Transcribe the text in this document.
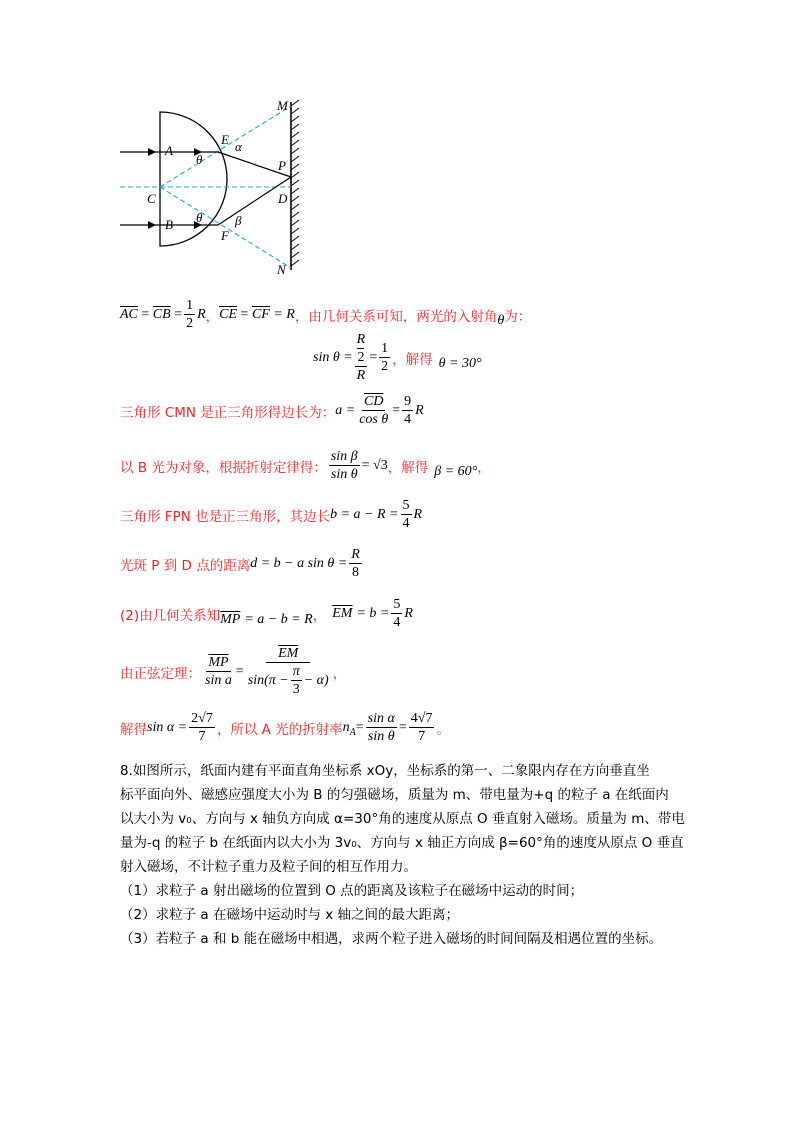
M
E α
A
θ	P
C	D
B θ	β
F
N
$\overline{AC} = \overline{CB} = \frac{1}{2}$ R ， $\overline{CE} = \overline{CF}$
= R ，由几何关系可知，两光的入射角 θ 为：
sin θ = R
2
$R = \frac{1}{2}$ ，解得 θ = 30°
三角形 CMN 是正三角形得边长为： $a = \frac{\overline{CD}}{\text{cos θ}} = \frac{9}{4}$ R
以 B 光为对象，根据折射定律得： $\frac{\text{sin β}}{\text{sin θ}} = √3$ ，解得 β = 60° ，
三角形 FPN 也是正三角形，其边长 $b = a - R = \frac{5}{4}$ R
光斑 P 到 D 点的距离 d = b − a $\sin \theta = \frac{R}{8}$
(2)由几何关系知 $\overline{MP} = a - b = R$ ， $\overline{EM} = b = \frac{5}{4}$ R
由正弦定理： $\frac{\overline{MP}}{\text{sin a}} = \frac{\overline{EM}}{\sin(\pi - \frac{\pi}{3} - \alpha)}$ ，
解得 $\sin \alpha = \frac{2√7}{7}$ ，所以 A 光的折射率 n $A = \frac{\text{sin α}}{\text{sin θ}} = \frac{4√7}{7}$ 。
8.如图所示，纸面内建有平面直角坐标系 xOy，坐标系的第一、二象限内存在方向垂直坐
标平面向外、磁感应强度大小为 B 的匀强磁场，质量为 m、带电量为+q 的粒子 a 在纸面内
以大小为 v₀、方向与 x 轴负方向成 α=30°角的速度从原点 O 垂直射入磁场。质量为 m、带电
量为-q 的粒子 b 在纸面内以大小为 3v₀、方向与 x 轴正方向成 β=60°角的速度从原点 O 垂直
射入磁场，不计粒子重力及粒子间的相互作用力。
（1）求粒子 a 射出磁场的位置到 O 点的距离及该粒子在磁场中运动的时间；
（2）求粒子 a 在磁场中运动时与 x 轴之间的最大距离；
（3）若粒子 a 和 b 能在磁场中相遇，求两个粒子进入磁场的时间间隔及相遇位置的坐标。
